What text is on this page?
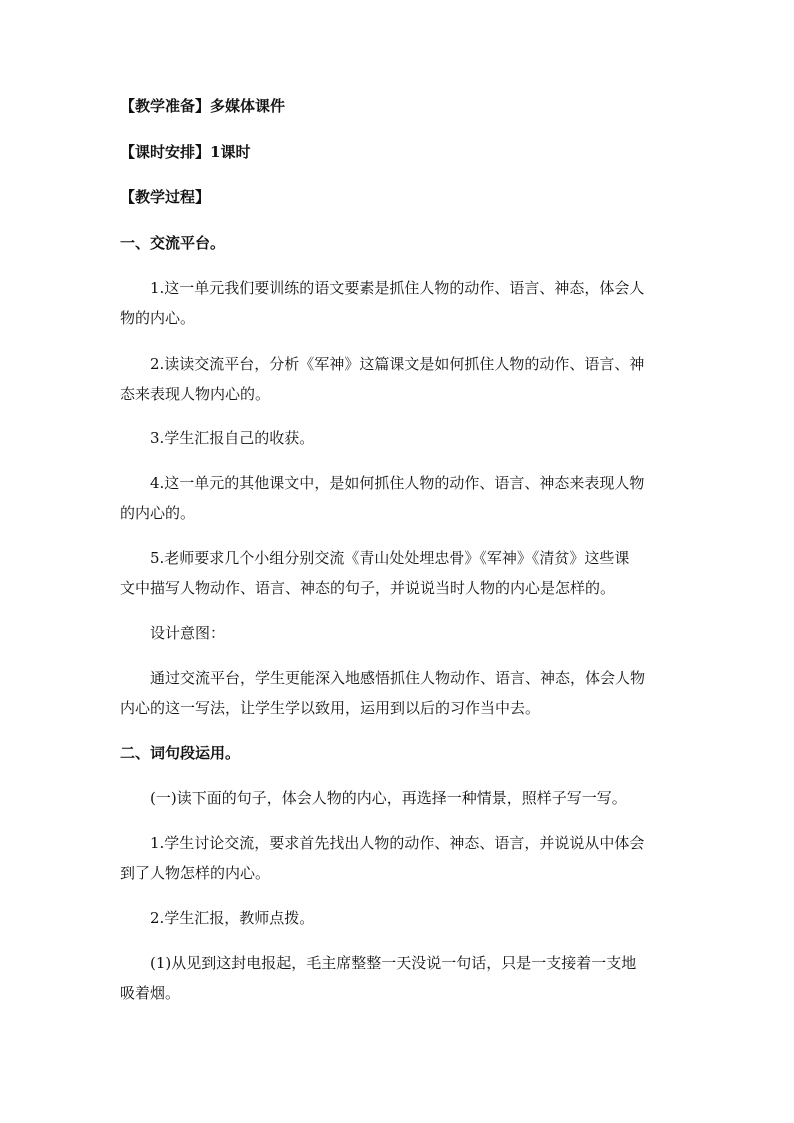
【教学准备】多媒体课件
【课时安排】1课时
【教学过程】
一、交流平台。
1.这一单元我们要训练的语文要素是抓住人物的动作、语言、神态，体会人
物的内心。
2.读读交流平台，分析《军神》这篇课文是如何抓住人物的动作、语言、神
态来表现人物内心的。
3.学生汇报自己的收获。
4.这一单元的其他课文中，是如何抓住人物的动作、语言、神态来表现人物
的内心的。
5.老师要求几个小组分别交流《青山处处埋忠骨》《军神》《清贫》这些课
文中描写人物动作、语言、神态的句子，并说说当时人物的内心是怎样的。
设计意图：
通过交流平台，学生更能深入地感悟抓住人物动作、语言、神态，体会人物
内心的这一写法，让学生学以致用，运用到以后的习作当中去。
二、词句段运用。
(一)读下面的句子，体会人物的内心，再选择一种情景，照样子写一写。
1.学生讨论交流，要求首先找出人物的动作、神态、语言，并说说从中体会
到了人物怎样的内心。
2.学生汇报，教师点拨。
(1)从见到这封电报起，毛主席整整一天没说一句话，只是一支接着一支地
吸着烟。
